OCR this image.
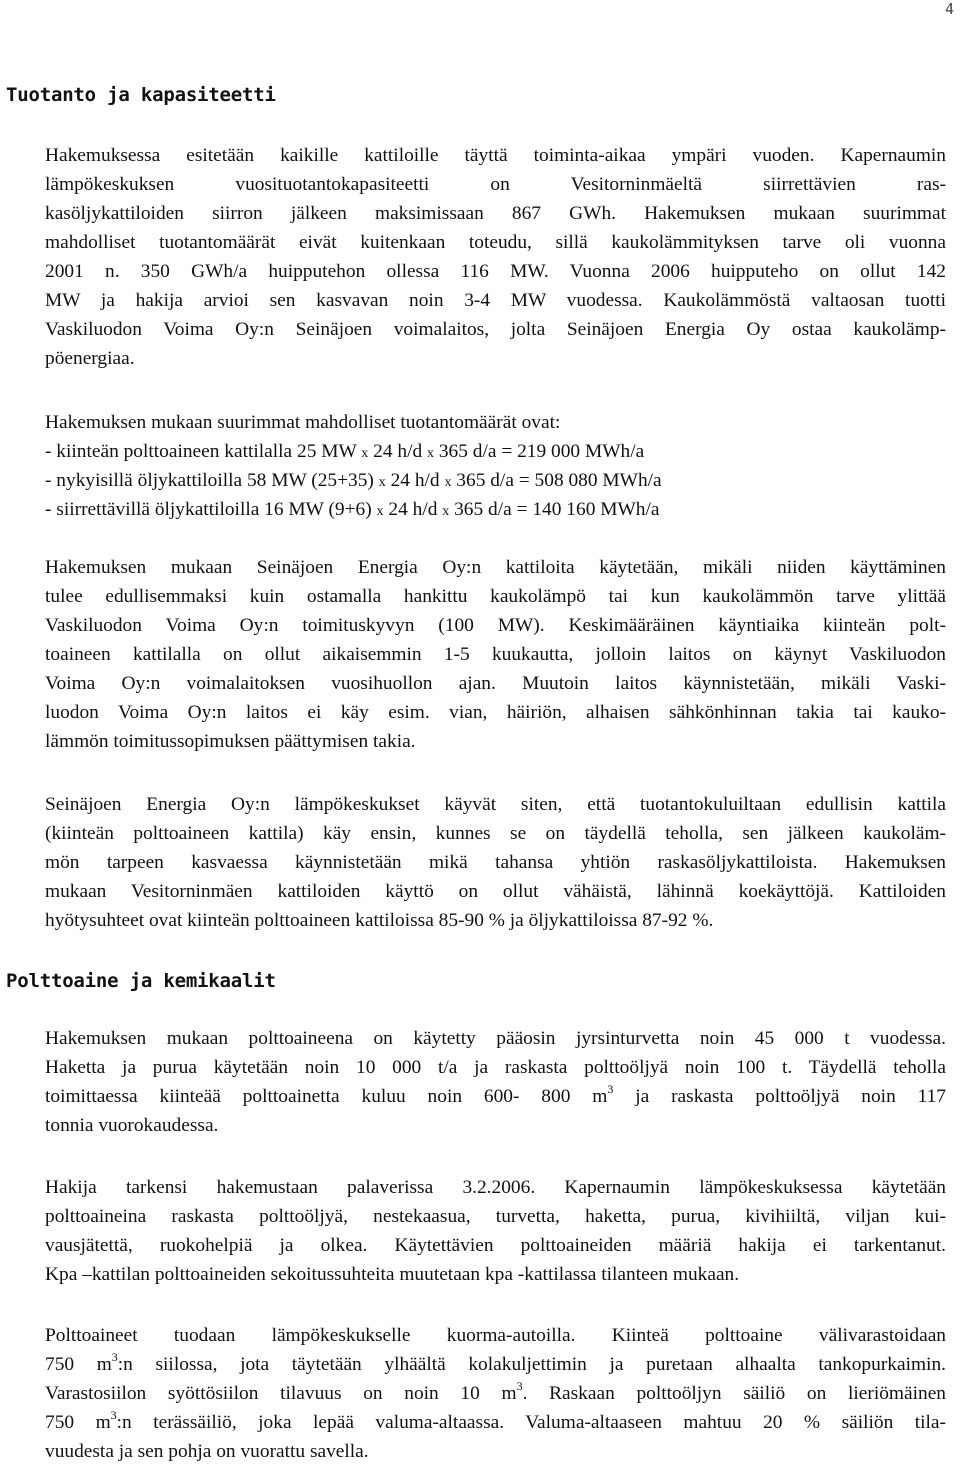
4
Tuotanto ja kapasiteetti
Hakemuksessa esitetään kaikille kattiloille täyttä toiminta-aikaa ympäri vuoden. Kapernaumin
lämpökeskuksen vuosituotantokapasiteetti on Vesitorninmäeltä siirrettävien ras-
kasöljykattiloiden siirron jälkeen maksimissaan 867 GWh. Hakemuksen mukaan suurimmat
mahdolliset tuotantomäärät eivät kuitenkaan toteudu, sillä kaukolämmityksen tarve oli vuonna
2001 n. 350 GWh/a huipputehon ollessa 116 MW. Vuonna 2006 huipputeho on ollut 142
MW ja hakija arvioi sen kasvavan noin 3-4 MW vuodessa. Kaukolämmöstä valtaosan tuotti
Vaskiluodon Voima Oy:n Seinäjoen voimalaitos, jolta Seinäjoen Energia Oy ostaa kaukolämp-
pöenergiaa.
Hakemuksen mukaan suurimmat mahdolliset tuotantomäärät ovat:
- kiinteän polttoaineen kattilalla 25 MW x 24 h/d x 365 d/a = 219 000 MWh/a
- nykyisillä öljykattiloilla 58 MW (25+35) x 24 h/d x 365 d/a = 508 080 MWh/a
- siirrettävillä öljykattiloilla 16 MW (9+6) x 24 h/d x 365 d/a = 140 160 MWh/a
Hakemuksen mukaan Seinäjoen Energia Oy:n kattiloita käytetään, mikäli niiden käyttäminen
tulee edullisemmaksi kuin ostamalla hankittu kaukolämpö tai kun kaukolämmön tarve ylittää
Vaskiluodon Voima Oy:n toimituskyvyn (100 MW). Keskimääräinen käyntiaika kiinteän polt-
toaineen kattilalla on ollut aikaisemmin 1-5 kuukautta, jolloin laitos on käynyt Vaskiluodon
Voima Oy:n voimalaitoksen vuosihuollon ajan. Muutoin laitos käynnistetään, mikäli Vaski-
luodon Voima Oy:n laitos ei käy esim. vian, häiriön, alhaisen sähkönhinnan takia tai kauko-
lämmön toimitussopimuksen päättymisen takia.
Seinäjoen Energia Oy:n lämpökeskukset käyvät siten, että tuotantokuluiltaan edullisin kattila
(kiinteän polttoaineen kattila) käy ensin, kunnes se on täydellä teholla, sen jälkeen kaukoläm-
mön tarpeen kasvaessa käynnistetään mikä tahansa yhtiön raskasöljykattiloista. Hakemuksen
mukaan Vesitorninmäen kattiloiden käyttö on ollut vähäistä, lähinnä koekäyttöjä. Kattiloiden
hyötysuhteet ovat kiinteän polttoaineen kattiloissa 85-90 % ja öljykattiloissa 87-92 %.
Polttoaine ja kemikaalit
Hakemuksen mukaan polttoaineena on käytetty pääosin jyrsinturvetta noin 45 000 t vuodessa.
Haketta ja purua käytetään noin 10 000 t/a ja raskasta polttoöljyä noin 100 t. Täydellä teholla
toimittaessa kiinteää polttoainetta kuluu noin 600- 800 $m^3$ ja raskasta polttoöljyä noin 117
tonnia vuorokaudessa.
Hakija tarkensi hakemustaan palaverissa 3.2.2006. Kapernaumin lämpökeskuksessa käytetään
polttoaineina raskasta polttoöljyä, nestekaasua, turvetta, haketta, purua, kivihiiltä, viljan kui-
vausjätettä, ruokohelpiä ja olkea. Käytettävien polttoaineiden määriä hakija ei tarkentanut.
Kpa –kattilan polttoaineiden sekoitussuhteita muutetaan kpa -kattilassa tilanteen mukaan.
Polttoaineet tuodaan lämpökeskukselle kuorma-autoilla. Kiinteä polttoaine välivarastoidaan
750 $m^3:n$ siilossa, jota täytetään ylhäältä kolakuljettimin ja puretaan alhaalta tankopurkaimin.
Varastosiilon syöttösiilon tilavuus on noin 10 $m^3$. Raskaan polttoöljyn säiliö on lieriömäinen
750 $m^3:n$ terässäiliö, joka lepää valuma-altaassa. Valuma-altaaseen mahtuu 20 % säiliön tila-
vuudesta ja sen pohja on vuorattu savella.
